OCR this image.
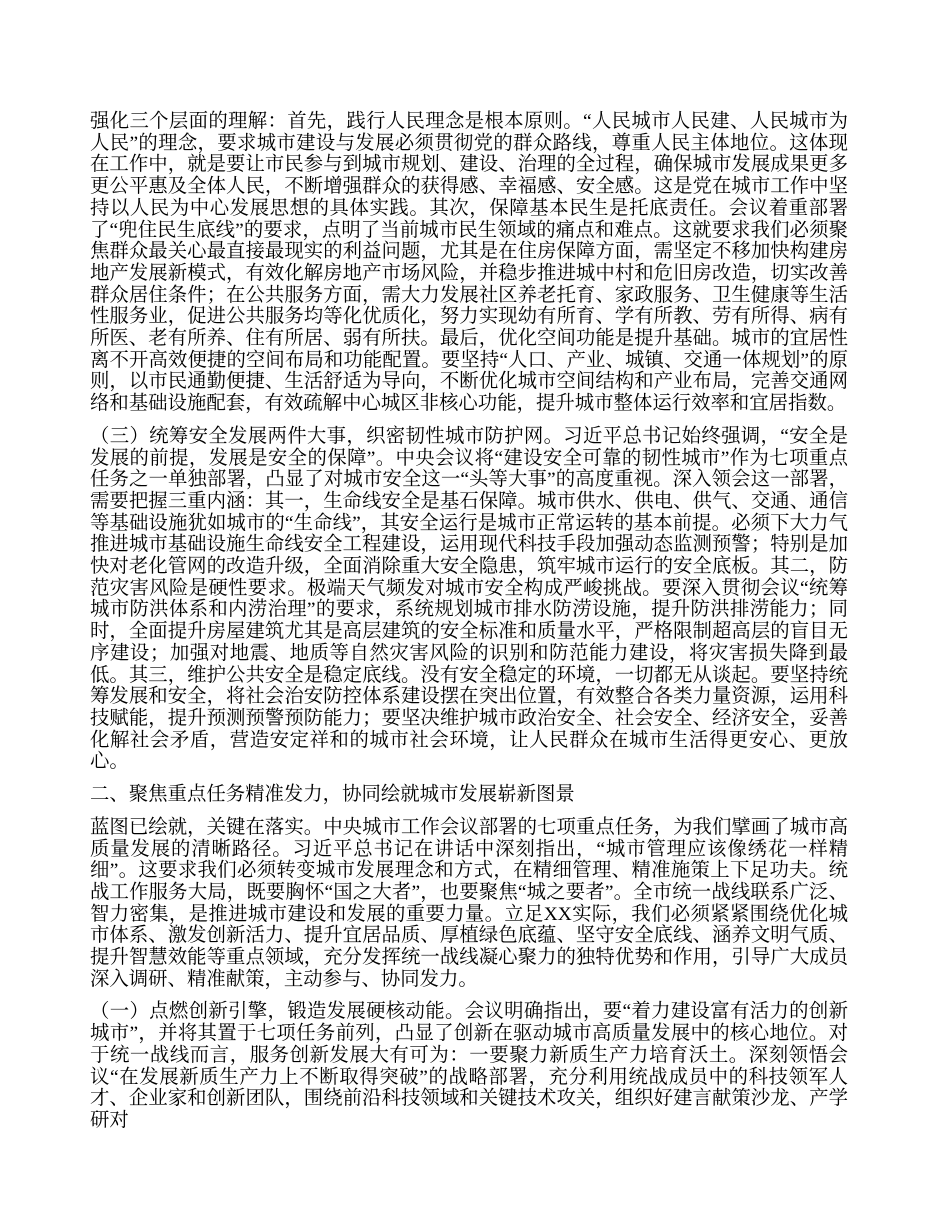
强化三个层面的理解：首先，践行人民理念是根本原则。“人民城市人民建、人民城市为人民”的理念，要求城市建设与发展必须贯彻党的群众路线，尊重人民主体地位。这体现在工作中，就是要让市民参与到城市规划、建设、治理的全过程，确保城市发展成果更多更公平惠及全体人民，不断增强群众的获得感、幸福感、安全感。这是党在城市工作中坚持以人民为中心发展思想的具体实践。其次，保障基本民生是托底责任。会议着重部署了“兜住民生底线”的要求，点明了当前城市民生领域的痛点和难点。这就要求我们必须聚焦群众最关心最直接最现实的利益问题，尤其是在住房保障方面，需坚定不移加快构建房地产发展新模式，有效化解房地产市场风险，并稳步推进城中村和危旧房改造，切实改善群众居住条件；在公共服务方面，需大力发展社区养老托育、家政服务、卫生健康等生活性服务业，促进公共服务均等化优质化，努力实现幼有所育、学有所教、劳有所得、病有所医、老有所养、住有所居、弱有所扶。最后，优化空间功能是提升基础。城市的宜居性离不开高效便捷的空间布局和功能配置。要坚持“人口、产业、城镇、交通一体规划”的原则，以市民通勤便捷、生活舒适为导向，不断优化城市空间结构和产业布局，完善交通网络和基础设施配套，有效疏解中心城区非核心功能，提升城市整体运行效率和宜居指数。

（三）统筹安全发展两件大事，织密韧性城市防护网。习近平总书记始终强调，“安全是发展的前提，发展是安全的保障”。中央会议将“建设安全可靠的韧性城市”作为七项重点任务之一单独部署，凸显了对城市安全这一“头等大事”的高度重视。深入领会这一部署，需要把握三重内涵：其一，生命线安全是基石保障。城市供水、供电、供气、交通、通信等基础设施犹如城市的“生命线”，其安全运行是城市正常运转的基本前提。必须下大力气推进城市基础设施生命线安全工程建设，运用现代科技手段加强动态监测预警；特别是加快对老化管网的改造升级，全面消除重大安全隐患，筑牢城市运行的安全底板。其二，防范灾害风险是硬性要求。极端天气频发对城市安全构成严峻挑战。要深入贯彻会议“统筹城市防洪体系和内涝治理”的要求，系统规划城市排水防涝设施，提升防洪排涝能力；同时，全面提升房屋建筑尤其是高层建筑的安全标准和质量水平，严格限制超高层的盲目无序建设；加强对地震、地质等自然灾害风险的识别和防范能力建设，将灾害损失降到最低。其三，维护公共安全是稳定底线。没有安全稳定的环境，一切都无从谈起。要坚持统筹发展和安全，将社会治安防控体系建设摆在突出位置，有效整合各类力量资源，运用科技赋能，提升预测预警预防能力；要坚决维护城市政治安全、社会安全、经济安全，妥善化解社会矛盾，营造安定祥和的城市社会环境，让人民群众在城市生活得更安心、更放心。

二、聚焦重点任务精准发力，协同绘就城市发展崭新图景

蓝图已绘就，关键在落实。中央城市工作会议部署的七项重点任务，为我们擘画了城市高质量发展的清晰路径。习近平总书记在讲话中深刻指出，“城市管理应该像绣花一样精细”。这要求我们必须转变城市发展理念和方式，在精细管理、精准施策上下足功夫。统战工作服务大局，既要胸怀“国之大者”，也要聚焦“城之要者”。全市统一战线联系广泛、智力密集，是推进城市建设和发展的重要力量。立足XX实际，我们必须紧紧围绕优化城市体系、激发创新活力、提升宜居品质、厚植绿色底蕴、坚守安全底线、涵养文明气质、提升智慧效能等重点领域，充分发挥统一战线凝心聚力的独特优势和作用，引导广大成员深入调研、精准献策，主动参与、协同发力。

（一）点燃创新引擎，锻造发展硬核动能。会议明确指出，要“着力建设富有活力的创新城市”，并将其置于七项任务前列，凸显了创新在驱动城市高质量发展中的核心地位。对于统一战线而言，服务创新发展大有可为：一要聚力新质生产力培育沃土。深刻领悟会议“在发展新质生产力上不断取得突破”的战略部署，充分利用统战成员中的科技领军人才、企业家和创新团队，围绕前沿科技领域和关键技术攻关，组织好建言献策沙龙、产学研对
